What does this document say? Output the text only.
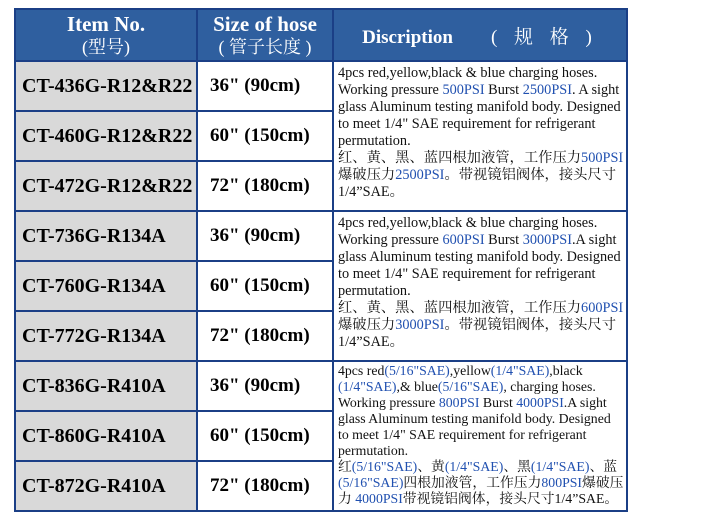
Item No.
(型号)	Size of hose
( 管子长度 )	Discription ( 规 格 )
CT-436G-R12&R22	36" (90cm)	4pcs red,yellow,black & blue charging hoses. Working pressure 500PSI Burst 2500PSI. A sight glass Aluminum testing manifold body. Designed to meet 1/4" SAE requirement for refrigerant permutation.
红、黄、黑、蓝四根加液管，工作压力500PSI爆破压力2500PSI。带视镜铝阀体，接头尺寸1/4”SAE。
CT-460G-R12&R22	60" (150cm)	
CT-472G-R12&R22	72" (180cm)	
CT-736G-R134A	36" (90cm)	4pcs red,yellow,black & blue charging hoses. Working pressure 600PSI Burst 3000PSI.A sight glass Aluminum testing manifold body. Designed to meet 1/4" SAE requirement for refrigerant permutation.
红、黄、黑、蓝四根加液管，工作压力600PSI爆破压力3000PSI。带视镜铝阀体，接头尺寸1/4”SAE。
CT-760G-R134A	60" (150cm)	
CT-772G-R134A	72" (180cm)	
CT-836G-R410A	36" (90cm)	4pcs red(5/16"SAE),yellow(1/4"SAE),black (1/4"SAE),& blue(5/16"SAE), charging hoses. Working pressure 800PSI Burst 4000PSI.A sight glass Aluminum testing manifold body. Designed to meet 1/4" SAE requirement for refrigerant permutation.
红(5/16"SAE)、黄(1/4"SAE)、黑(1/4"SAE)、蓝(5/16"SAE)四根加液管，工作压力800PSI爆破压力 4000PSI带视镜铝阀体，接头尺寸1/4”SAE。
CT-860G-R410A	60" (150cm)	
CT-872G-R410A	72" (180cm)	
